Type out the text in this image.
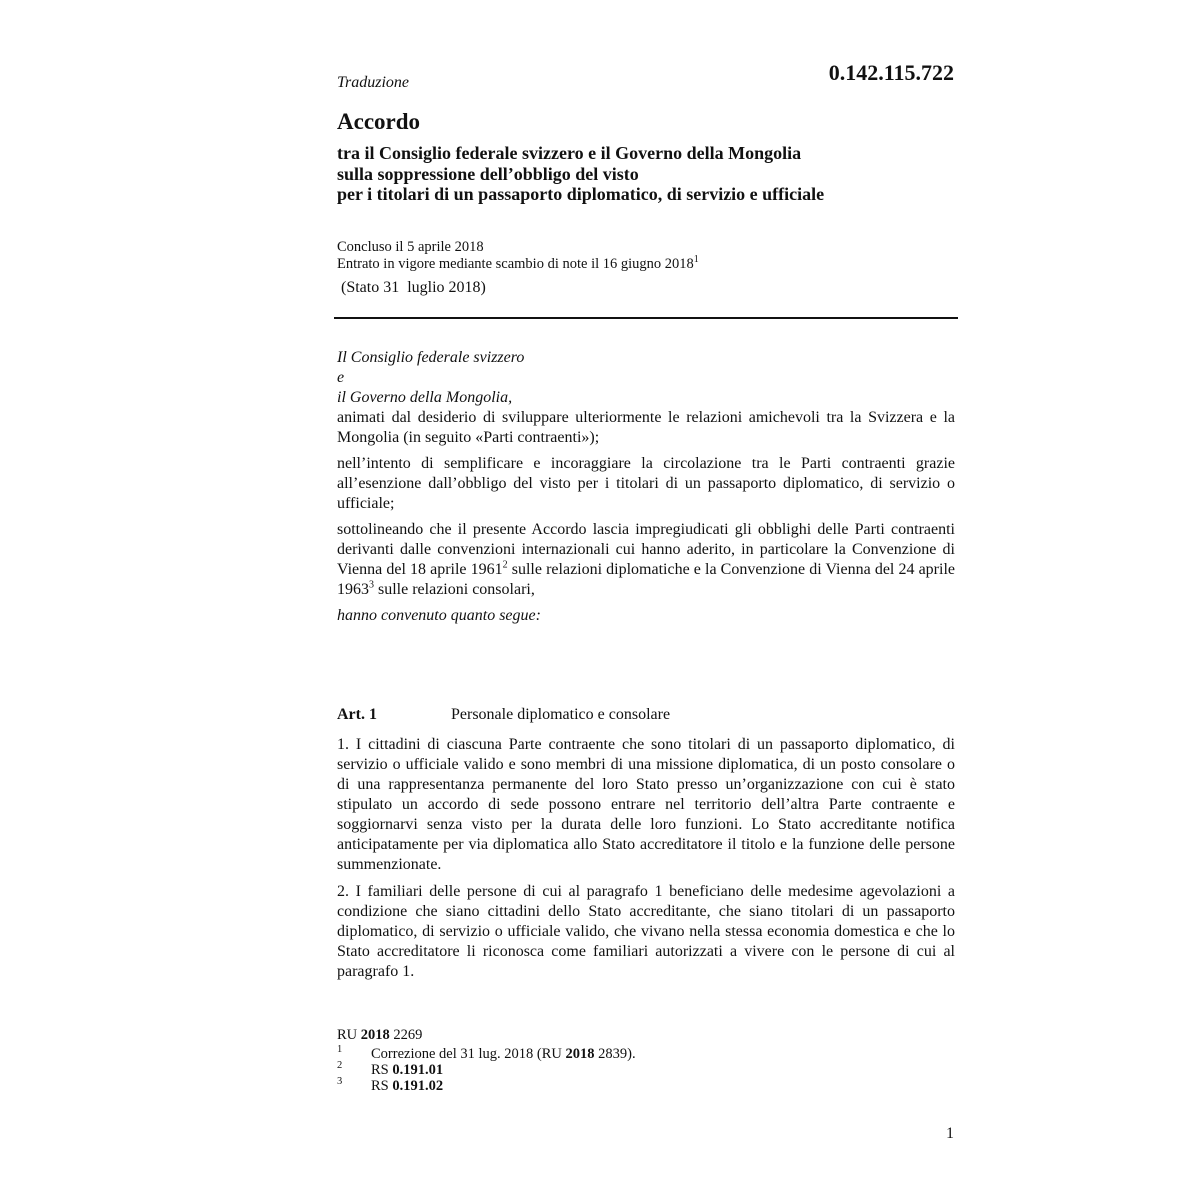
Traduzione	0.142.115.722
Accordo
tra il Consiglio federale svizzero e il Governo della Mongolia
sulla soppressione dell’obbligo del visto
per i titolari di un passaporto diplomatico, di servizio e ufficiale
Concluso il 5 aprile 2018
Entrato in vigore mediante scambio di note il 16 giugno 2018$^1$
(Stato 31  luglio 2018)
Il Consiglio federale svizzero
e
il Governo della Mongolia,

animati dal desiderio di sviluppare ulteriormente le relazioni amichevoli tra la Svizzera e la Mongolia (in seguito «Parti contraenti»);

nell’intento di semplificare e incoraggiare la circolazione tra le Parti contraenti grazie all’esenzione dall’obbligo del visto per i titolari di un passaporto diplomatico, di servizio o ufficiale;

sottolineando che il presente Accordo lascia impregiudicati gli obblighi delle Parti contraenti derivanti dalle convenzioni internazionali cui hanno aderito, in particolare la Convenzione di Vienna del 18 aprile 1961$^2$ sulle relazioni diplomatiche e la Convenzione di Vienna del 24 aprile 1963$^3$ sulle relazioni consolari,

hanno convenuto quanto segue:
Art. 1	Personale diplomatico e consolare

1. I cittadini di ciascuna Parte contraente che sono titolari di un passaporto diplomatico, di servizio o ufficiale valido e sono membri di una missione diplomatica, di un posto consolare o di una rappresentanza permanente del loro Stato presso un’organizzazione con cui è stato stipulato un accordo di sede possono entrare nel territorio dell’altra Parte contraente e soggiornarvi senza visto per la durata delle loro funzioni. Lo Stato accreditante notifica anticipatamente per via diplomatica allo Stato accreditatore il titolo e la funzione delle persone summenzionate.

2. I familiari delle persone di cui al paragrafo 1 beneficiano delle medesime agevolazioni a condizione che siano cittadini dello Stato accreditante, che siano titolari di un passaporto diplomatico, di servizio o ufficiale valido, che vivano nella stessa economia domestica e che lo Stato accreditatore li riconosca come familiari autorizzati a vivere con le persone di cui al paragrafo 1.

RU 2018 2269
1	Correzione del 31 lug. 2018 (RU 2018 2839).
2	RS 0.191.01
3	RS 0.191.02
1
